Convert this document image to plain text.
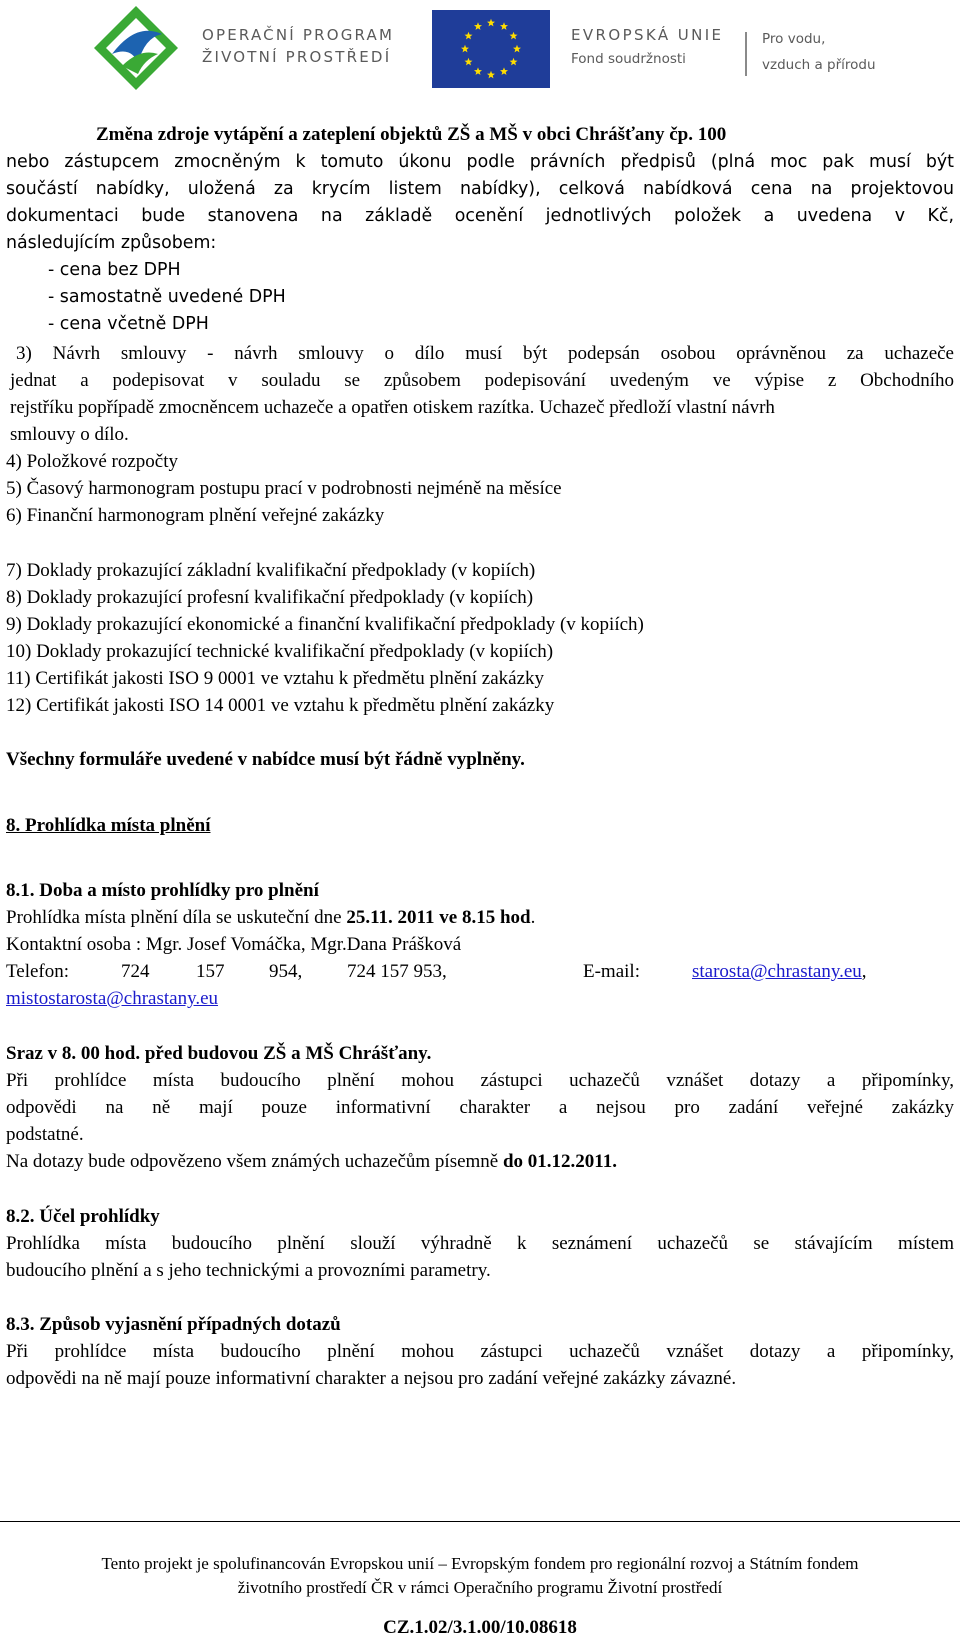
OPERAČNÍ PROGRAM
ŽIVOTNÍ PROSTŘEDÍ
EVROPSKÁ UNIE
Fond soudržnosti
Pro vodu,
vzduch a přírodu
Změna zdroje vytápění a zateplení objektů ZŠ a MŠ v obci Chrášťany čp. 100
nebo zástupcem zmocněným k tomuto úkonu podle právních předpisů (plná moc pak musí být
součástí nabídky, uložená za krycím listem nabídky), celková nabídková cena na projektovou
dokumentaci bude stanovena na základě ocenění jednotlivých položek a uvedena v Kč,
následujícím způsobem:
- cena bez DPH
- samostatně uvedené DPH
- cena včetně DPH
3) Návrh smlouvy - návrh smlouvy o dílo musí být podepsán osobou oprávněnou za uchazeče
jednat a podepisovat v souladu se způsobem podepisování uvedeným ve výpise z Obchodního
rejstříku popřípadě zmocněncem uchazeče a opatřen otiskem razítka. Uchazeč předloží vlastní návrh
smlouvy o dílo.
4) Položkové rozpočty
5) Časový harmonogram postupu prací v podrobnosti nejméně na měsíce
6) Finanční harmonogram plnění veřejné zakázky
7) Doklady prokazující základní kvalifikační předpoklady (v kopiích)
8) Doklady prokazující profesní kvalifikační předpoklady (v kopiích)
9) Doklady prokazující ekonomické a finanční kvalifikační předpoklady (v kopiích)
10) Doklady prokazující technické kvalifikační předpoklady (v kopiích)
11) Certifikát jakosti ISO 9 0001 ve vztahu k předmětu plnění zakázky
12) Certifikát jakosti ISO 14 0001 ve vztahu k předmětu plnění zakázky
Všechny formuláře uvedené v nabídce musí být řádně vyplněny.
8. Prohlídka místa plnění
8.1. Doba a místo prohlídky pro plnění
Prohlídka místa plnění díla se uskuteční dne 25.11. 2011 ve 8.15 hod.
Kontaktní osoba : Mgr. Josef Vomáčka, Mgr.Dana Prášková
Telefon:	724 157 954, 724 157 953,	E-mail:	starosta@chrastany.eu,
mistostarosta@chrastany.eu
Sraz v 8. 00 hod. před budovou ZŠ a MŠ Chrášťany.
Při prohlídce místa budoucího plnění mohou zástupci uchazečů vznášet dotazy a připomínky,
odpovědi na ně mají pouze informativní charakter a nejsou pro zadání veřejné zakázky
podstatné.
Na dotazy bude odpovězeno všem známých uchazečům písemně do 01.12.2011.
8.2. Účel prohlídky
Prohlídka místa budoucího plnění slouží výhradně k seznámení uchazečů se stávajícím místem
budoucího plnění a s jeho technickými a provozními parametry.
8.3. Způsob vyjasnění případných dotazů
Při prohlídce místa budoucího plnění mohou zástupci uchazečů vznášet dotazy a připomínky,
odpovědi na ně mají pouze informativní charakter a nejsou pro zadání veřejné zakázky závazné.
Tento projekt je spolufinancován Evropskou unií – Evropským fondem pro regionální rozvoj a Státním fondem
životního prostředí ČR v rámci Operačního programu Životní prostředí
CZ.1.02/3.1.00/10.08618
